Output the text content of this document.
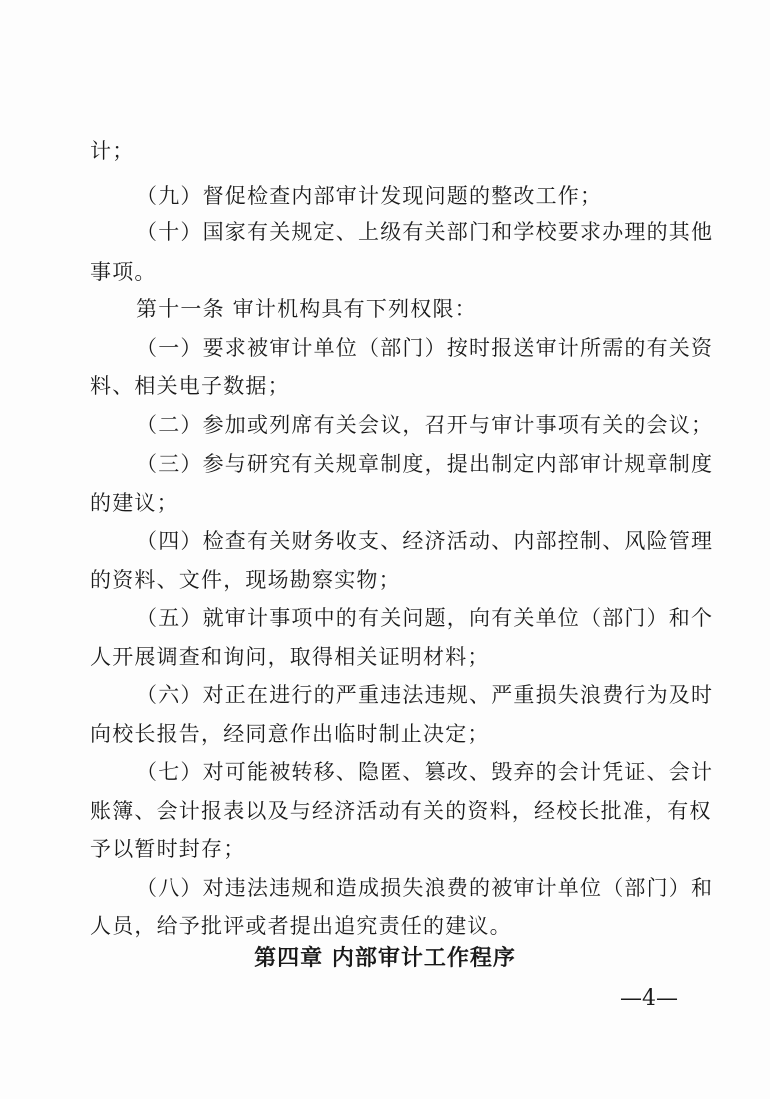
计；
（九）督促检查内部审计发现问题的整改工作；
（十）国家有关规定、上级有关部门和学校要求办理的其他
事项。
第十一条 审计机构具有下列权限：
（一）要求被审计单位（部门）按时报送审计所需的有关资
料、相关电子数据；
（二）参加或列席有关会议，召开与审计事项有关的会议；
（三）参与研究有关规章制度，提出制定内部审计规章制度
的建议；
（四）检查有关财务收支、经济活动、内部控制、风险管理
的资料、文件，现场勘察实物；
（五）就审计事项中的有关问题，向有关单位（部门）和个
人开展调查和询问，取得相关证明材料；
（六）对正在进行的严重违法违规、严重损失浪费行为及时
向校长报告，经同意作出临时制止决定；
（七）对可能被转移、隐匿、篡改、毁弃的会计凭证、会计
账簿、会计报表以及与经济活动有关的资料，经校长批准，有权
予以暂时封存；
（八）对违法违规和造成损失浪费的被审计单位（部门）和
人员，给予批评或者提出追究责任的建议。
第四章 内部审计工作程序
—4—
